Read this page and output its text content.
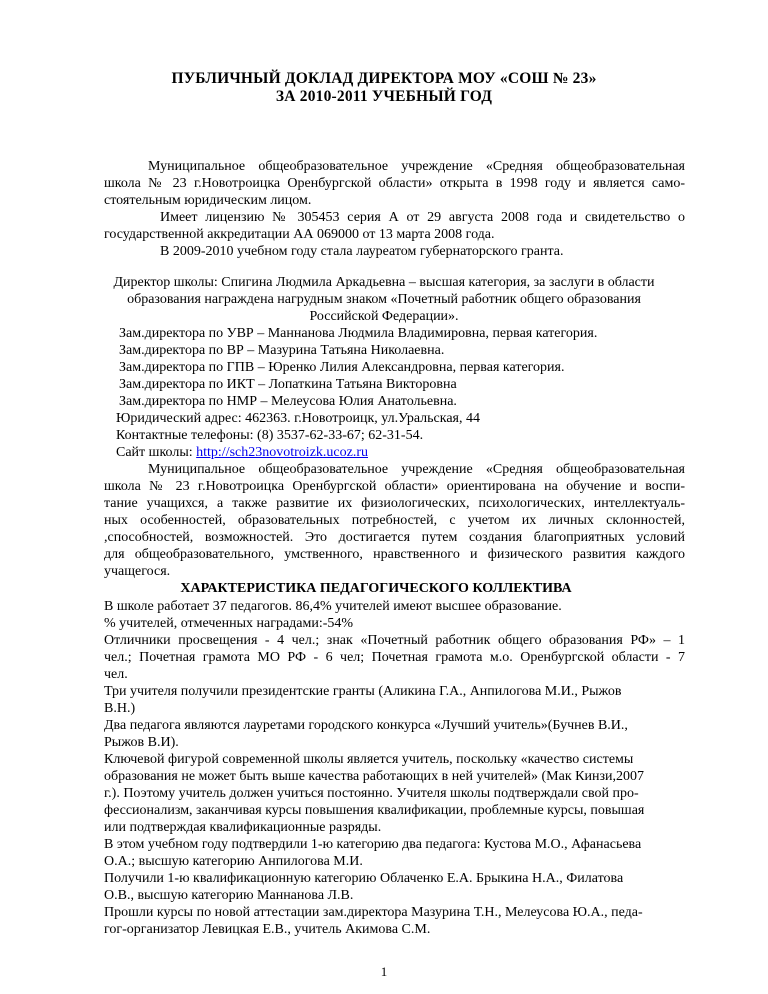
ПУБЛИЧНЫЙ ДОКЛАД ДИРЕКТОРА МОУ «СОШ № 23»
ЗА 2010-2011 УЧЕБНЫЙ ГОД
Муниципальное общеобразовательное учреждение «Средняя общеобразовательная
школа № 23 г.Новотроицка Оренбургской области» открыта в 1998 году и является само-
стоятельным юридическим лицом.
Имеет лицензию № 305453 серия А от 29 августа 2008 года и свидетельство о
государственной аккредитации АА 069000 от 13 марта 2008 года.
В 2009-2010 учебном году стала лауреатом губернаторского гранта.
Директор школы: Спигина Людмила Аркадьевна – высшая категория, за заслуги в области
образования награждена нагрудным знаком «Почетный работник общего образования
Российской Федерации».
Зам.директора по УВР – Маннанова Людмила Владимировна, первая категория.
Зам.директора по ВР – Мазурина Татьяна Николаевна.
Зам.директора по ГПВ – Юренко Лилия Александровна, первая категория.
Зам.директора по ИКТ – Лопаткина Татьяна Викторовна
Зам.директора по НМР – Мелеусова Юлия Анатольевна.
Юридический адрес: 462363. г.Новотроицк, ул.Уральская, 44
Контактные телефоны: (8) 3537-62-33-67; 62-31-54.
Сайт школы: http://sch23novotroizk.ucoz.ru
Муниципальное общеобразовательное учреждение «Средняя общеобразовательная
школа № 23 г.Новотроицка Оренбургской области» ориентирована на обучение и воспи-
тание учащихся, а также развитие их физиологических, психологических, интеллектуаль-
ных особенностей, образовательных потребностей, с учетом их личных склонностей,
,способностей, возможностей. Это достигается путем создания благоприятных условий
для общеобразовательного, умственного, нравственного и физического развития каждого
учащегося.
ХАРАКТЕРИСТИКА ПЕДАГОГИЧЕСКОГО КОЛЛЕКТИВА
В школе работает 37 педагогов. 86,4% учителей имеют высшее образование.
% учителей, отмеченных наградами:-54%
Отличники просвещения - 4 чел.; знак «Почетный работник общего образования РФ» – 1
чел.; Почетная грамота МО РФ - 6 чел; Почетная грамота м.о. Оренбургской области - 7
чел.
Три учителя получили президентские гранты (Аликина Г.А., Анпилогова М.И., Рыжов
В.Н.)
Два педагога являются лауретами городского конкурса «Лучший учитель»(Бучнев В.И.,
Рыжов В.И).
Ключевой фигурой современной школы является учитель, поскольку «качество системы
образования не может быть выше качества работающих в ней учителей» (Мак Кинзи,2007
г.). Поэтому учитель должен учиться постоянно. Учителя школы подтверждали свой про-
фессионализм, заканчивая курсы повышения квалификации, проблемные курсы, повышая
или подтверждая квалификационные разряды.
В этом учебном году подтвердили 1-ю категорию два педагога: Кустова М.О., Афанасьева
О.А.; высшую категорию Анпилогова М.И.
Получили 1-ю квалификационную категорию Облаченко Е.А. Брыкина Н.А., Филатова
О.В., высшую категорию Маннанова Л.В.
Прошли курсы по новой аттестации зам.директора Мазурина Т.Н., Мелеусова Ю.А., педа-
гог-организатор Левицкая Е.В., учитель Акимова С.М.
1
